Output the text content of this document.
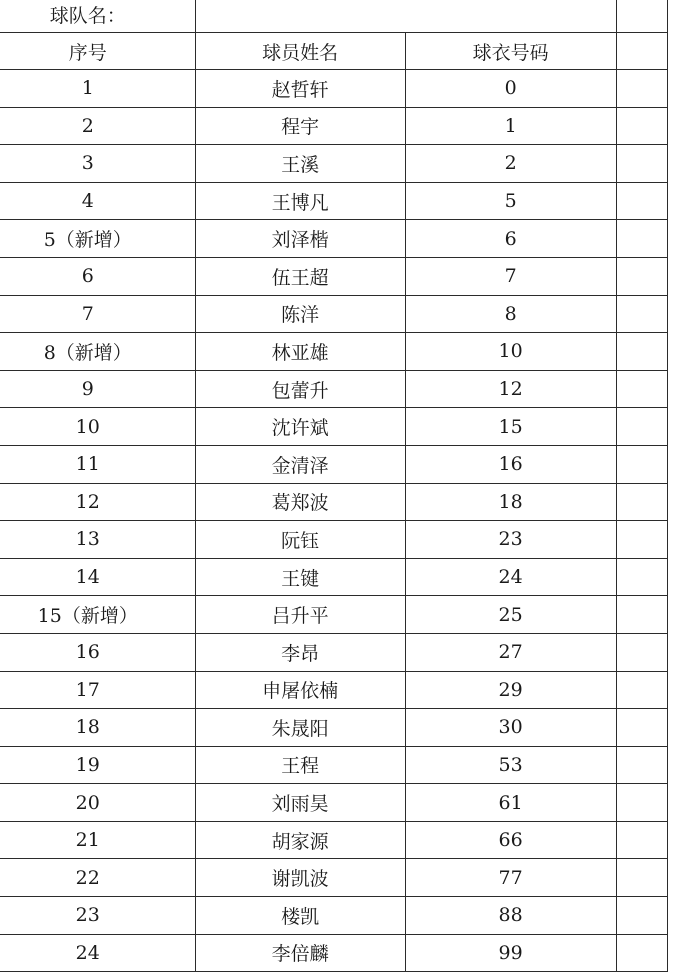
球队名：			
序号	球员姓名	球衣号码	
1	赵哲轩	0	
2	程宇	1	
3	王溪	2	
4	王博凡	5	
5（新增）	刘泽楷	6	
6	伍王超	7	
7	陈洋	8	
8（新增）	林亚雄	10	
9	包蕾升	12	
10	沈许斌	15	
11	金清泽	16	
12	葛郑波	18	
13	阮钰	23	
14	王键	24	
15（新增）	吕升平	25	
16	李昂	27	
17	申屠依楠	29	
18	朱晟阳	30	
19	王程	53	
20	刘雨昊	61	
21	胡家源	66	
22	谢凯波	77	
23	楼凯	88	
24	李倍麟	99	
